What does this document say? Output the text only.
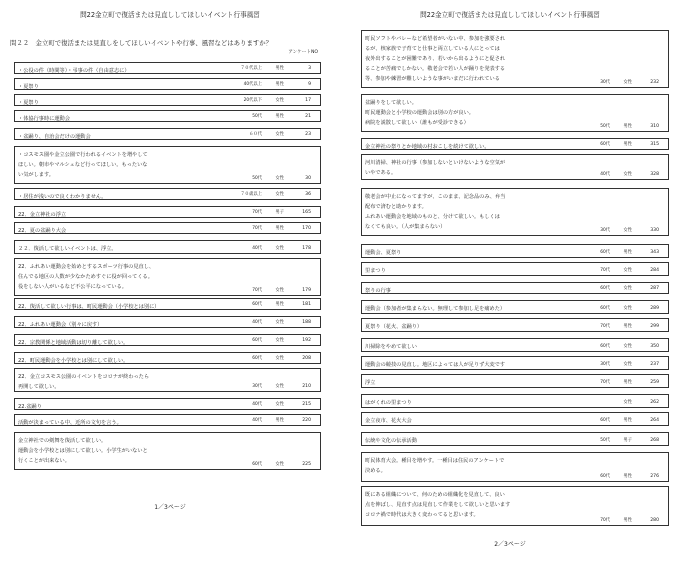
問22金立町で復活または見直ししてほしいイベント行事風習
問２２　金立町で復活または見直しをしてほしいイベントや行事、風習などはありますか？
アンケートNO
・公役の件（時間等）・弔事の件（自由意志に）	７０代以上	男性	3
・夏祭り	40代以上	男性	9
・夏祭り	20代以下	女性	17
・体協行事時に運動会	50代	男性	21
・盆踊り、自治会だけの運動会	６０代	女性	23
・コスモス園や金立公園で行われるイベントを増やして
ほしい。朝市やマルシェなど行ってほしい。もったいな
い気がします。
50代	女性	30
・居住が浅いので良くわかりません。	７０歳以上	女性	36
22．金立神社の浮立	70代	男子	165
22．夏の盆踊り大会	70代	男性	170
２２．復活して欲しいイベントは、浮立。	40代	女性	178
22．ふれあい運動会を始めとするスポーツ行事の見直し、
住んでる地区の人数が少なかためすぐに役が回ってくる。
役をしない人がいるなど不公平になっている。
70代	女性	179
22．復活して欲しい行事は、町民運動会（小学校とは別に）	60代	男性	181
22．ふれあい運動会（別々に戻す）	40代	女性	188
22．宗教関係と地域活動は切り離して欲しい。	60代	女性	192
22．町民運動会を小学校とは別にして欲しい。	60代	女性	208
22．金立コスモス公園のイベントをコロナが終わったら
再開して欲しい。	30代	女性	210
22.盆踊り	40代	女性	215
活動が決まっている中、近所の文句を言う。	40代	男性	220
金立神社での剣舞を復活して欲しい。
運動会を小学校とは別にして欲しい。小学生がいないと
行くことが出来ない。
60代	女性	225
1／3ページ
問22金立町で復活または見直ししてほしいイベント行事風習
町民ソフトやバレーなど希望者がいない中、参加を強要され
るが、核家族で子育てと仕事と両立している人にとっては
夜外出することが困難であり、若いから出るようにと促され
ることが苦痛でしかない。敬老会で若い人が踊りを発表する
等、参加や練習が難しいような事がいまだに行われている
30代	女性	232
盆踊りをして欲しい。
町民運動会と小学校の運動会は別の方が良い。
病院を説散して欲しい（誰もが受診できる）
50代	男性	310
金立神社の祭りとか地域の村おこしを続けて欲しい。	60代	男性	315
河川清掃、神社の行事（参加しないといけないような空気が
いやである。	40代	女性	328
敬老会が中止になってますが、このまま、記念品のみ、弁当
配布で済むと助かります。
ふれあい運動会を地域のものと、分けて欲しい。もしくは
なくても良い。（人が集まらない）
30代	女性	330
運動会、夏祭り	60代	男性	343
里まつり	70代	女性	284
祭りの行事	60代	女性	287
運動会（参加者が集まらない。無理して参加し足を痛めた）	60代	女性	289
夏祭り（花火、盆踊り）	70代	男性	299
川掃除をやめて欲しい	60代	女性	350
運動会の競技の見直し。地区によっては人が足りず大変です	30代	女性	237
浮立	70代	男性	259
はがくれの里まつり	女性	262
金立夜市、花火大会	60代	男性	264
伝統や文化の伝承活動	50代	男子	268
町民体育大会。種目を増やす。一種目は住民のアンケートで
決める。
60代	男性	276
既にある組織について、何のための組織化を見直して、良い
点を伸ばし、見直す点は見直して作業をして欲しいと思います
コロナ禍で時代は大きく変わってると思います。
70代	男性	280
2／3ページ
